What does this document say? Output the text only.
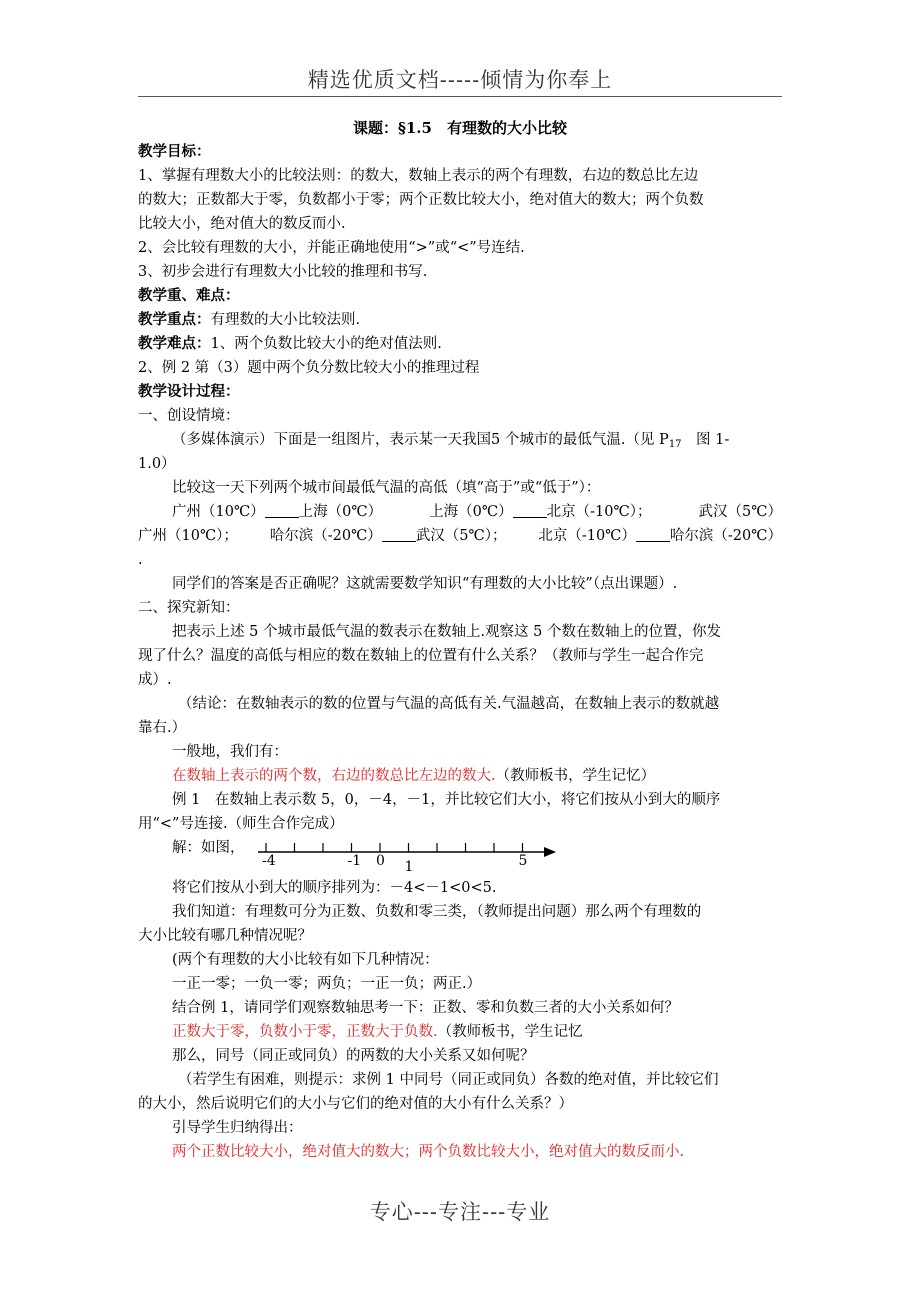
精选优质文档-----倾情为你奉上
课题：§1.5　有理数的大小比较
教学目标：
1、掌握有理数大小的比较法则：的数大，数轴上表示的两个有理数，右边的数总比左边
的数大；正数都大于零，负数都小于零；两个正数比较大小，绝对值大的数大；两个负数
比较大小，绝对值大的数反而小.
2、会比较有理数的大小，并能正确地使用“>”或“<”号连结.
3、初步会进行有理数大小比较的推理和书写.
教学重、难点：
教学重点：有理数的大小比较法则.
教学难点：1、两个负数比较大小的绝对值法则.
2、例 2 第（3）题中两个负分数比较大小的推理过程
教学设计过程：
一、创设情境：
（多媒体演示）下面是一组图片，表示某一天我国5 个城市的最低气温.（见 $P_{17}$　图 1-
1.0）
比较这一天下列两个城市间最低气温的高低（填“高于”或“低于”）：
广州（10℃） 上海（0℃）	上海（0℃） 北京（-10℃）；	武汉（5℃）
广州（10℃）； 哈尔滨（-20℃） 武汉（5℃）； 北京（-10℃） 哈尔滨（-20℃）
.
同学们的答案是否正确呢？这就需要数学知识“有理数的大小比较”（点出课题）.
二、探究新知：
把表示上述 5 个城市最低气温的数表示在数轴上.观察这 5 个数在数轴上的位置，你发
现了什么？温度的高低与相应的数在数轴上的位置有什么关系？（教师与学生一起合作完
成）.
（结论：在数轴表示的数的位置与气温的高低有关.气温越高，在数轴上表示的数就越
靠右.）
一般地，我们有：
在数轴上表示的两个数，右边的数总比左边的数大.（教师板书，学生记忆）
例 1　在数轴上表示数 5，0，－4，－1，并比较它们大小，将它们按从小到大的顺序
用“<”号连接.（师生合作完成）
解：如图，
-4	-1 0 1	5
将它们按从小到大的顺序排列为：－4<－1<0<5.
我们知道：有理数可分为正数、负数和零三类，（教师提出问题）那么两个有理数的
大小比较有哪几种情况呢？
(两个有理数的大小比较有如下几种情况：
一正一零；一负一零；两负；一正一负；两正.）
结合例 1，请同学们观察数轴思考一下：正数、零和负数三者的大小关系如何？
正数大于零，负数小于零，正数大于负数.（教师板书，学生记忆
那么，同号（同正或同负）的两数的大小关系又如何呢？
（若学生有困难，则提示：求例 1 中同号（同正或同负）各数的绝对值，并比较它们
的大小，然后说明它们的大小与它们的绝对值的大小有什么关系？）
引导学生归纳得出：
两个正数比较大小，绝对值大的数大；两个负数比较大小，绝对值大的数反而小.
专心---专注---专业
